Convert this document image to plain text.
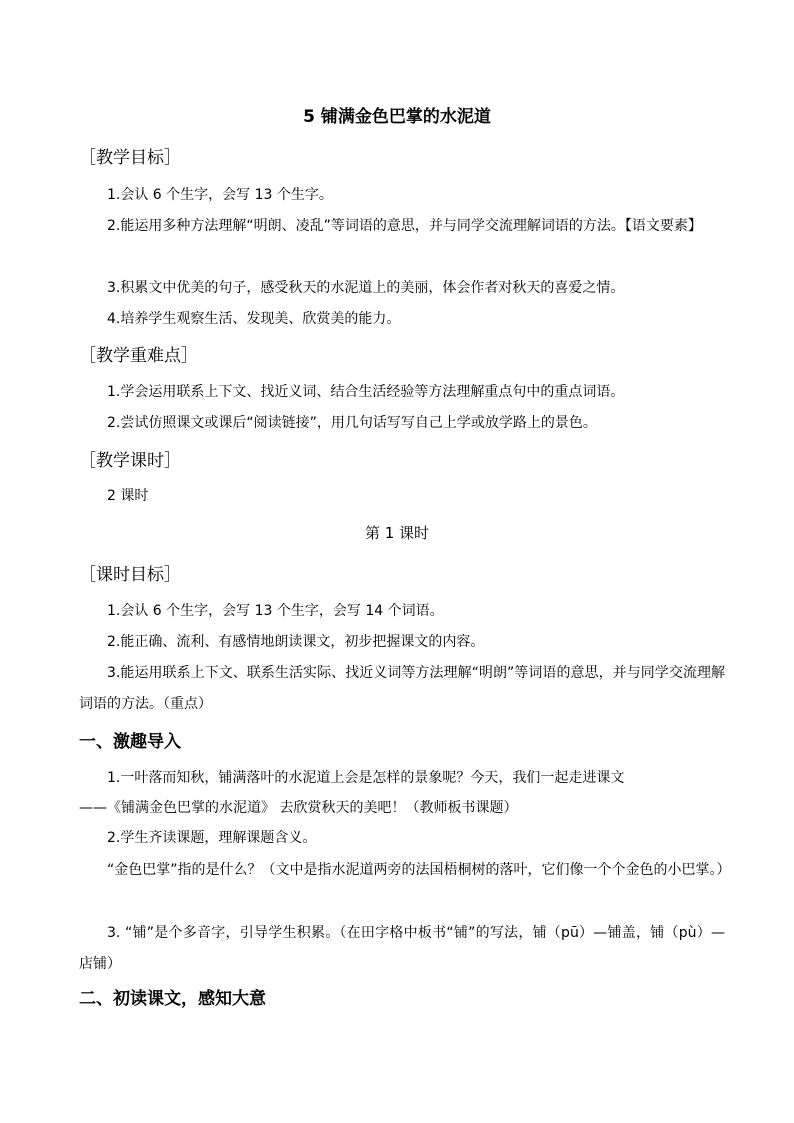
5 铺满金色巴掌的水泥道
［教学目标］
1.会认 6 个生字，会写 13 个生字。
2.能运用多种方法理解“明朗、凌乱”等词语的意思，并与同学交流理解词语的方法。【语文要素】
3.积累文中优美的句子，感受秋天的水泥道上的美丽，体会作者对秋天的喜爱之情。
4.培养学生观察生活、发现美、欣赏美的能力。
［教学重难点］
1.学会运用联系上下文、找近义词、结合生活经验等方法理解重点句中的重点词语。
2.尝试仿照课文或课后“阅读链接”，用几句话写写自己上学或放学路上的景色。
［教学课时］
2 课时
第 1 课时
［课时目标］
1.会认 6 个生字，会写 13 个生字，会写 14 个词语。
2.能正确、流利、有感情地朗读课文，初步把握课文的内容。
3.能运用联系上下文、联系生活实际、找近义词等方法理解“明朗”等词语的意思，并与同学交流理解词语的方法。（重点）
一、激趣导入
1.一叶落而知秋，铺满落叶的水泥道上会是怎样的景象呢？今天，我们一起走进课文
——《铺满金色巴掌的水泥道》 去欣赏秋天的美吧！（教师板书课题）
2.学生齐读课题，理解课题含义。
“金色巴掌”指的是什么？（文中是指水泥道两旁的法国梧桐树的落叶，它们像一个个金色的小巴掌。）
3. “铺”是个多音字，引导学生积累。（在田字格中板书“铺”的写法，铺（pū）—铺盖，铺（pù）—店铺）
二、初读课文，感知大意
